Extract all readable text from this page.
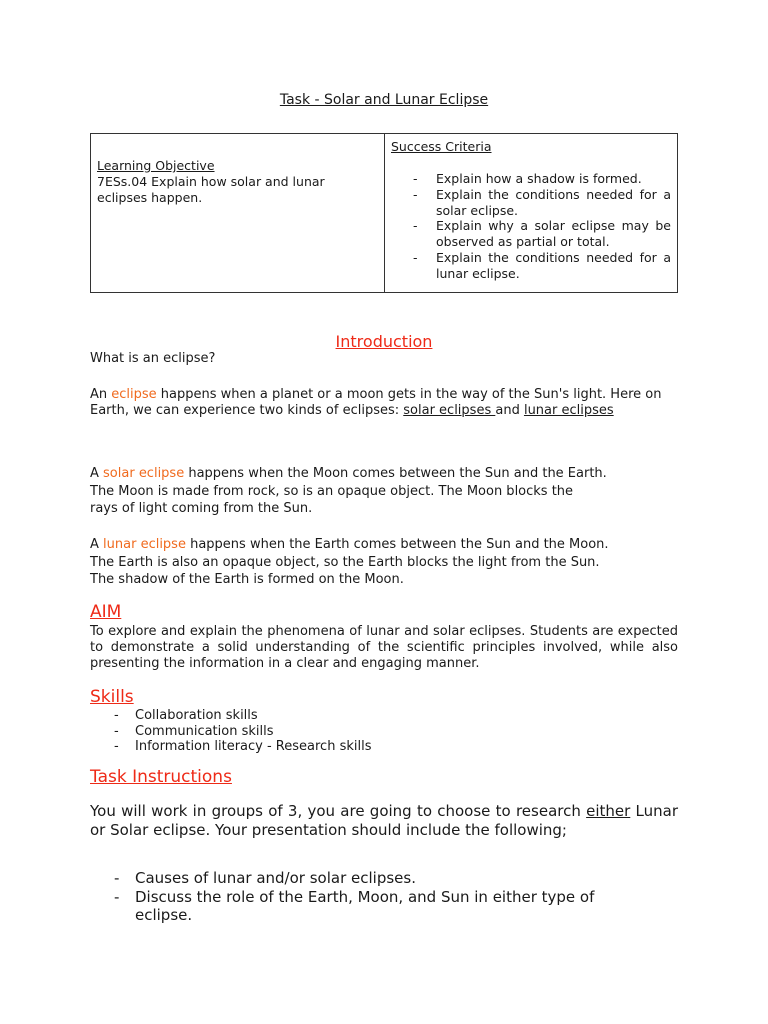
Task - Solar and Lunar Eclipse
Learning Objective
7ESs.04 Explain how solar and lunar eclipses happen.
Success Criteria
- Explain how a shadow is formed.
- Explain the conditions needed for a solar eclipse.
- Explain why a solar eclipse may be observed as partial or total.
- Explain the conditions needed for a lunar eclipse.
Introduction
What is an eclipse?
An eclipse happens when a planet or a moon gets in the way of the Sun's light. Here on Earth, we can experience two kinds of eclipses: solar eclipses and lunar eclipses
A solar eclipse happens when the Moon comes between the Sun and the Earth.
The Moon is made from rock, so is an opaque object. The Moon blocks the
rays of light coming from the Sun.
A lunar eclipse happens when the Earth comes between the Sun and the Moon.
The Earth is also an opaque object, so the Earth blocks the light from the Sun.
The shadow of the Earth is formed on the Moon.
AIM
To explore and explain the phenomena of lunar and solar eclipses. Students are expected to demonstrate a solid understanding of the scientific principles involved, while also presenting the information in a clear and engaging manner.
Skills
- Collaboration skills
- Communication skills
- Information literacy - Research skills
Task Instructions
You will work in groups of 3, you are going to choose to research either Lunar or Solar eclipse. Your presentation should include the following;
- Causes of lunar and/or solar eclipses.
- Discuss the role of the Earth, Moon, and Sun in either type of eclipse.
